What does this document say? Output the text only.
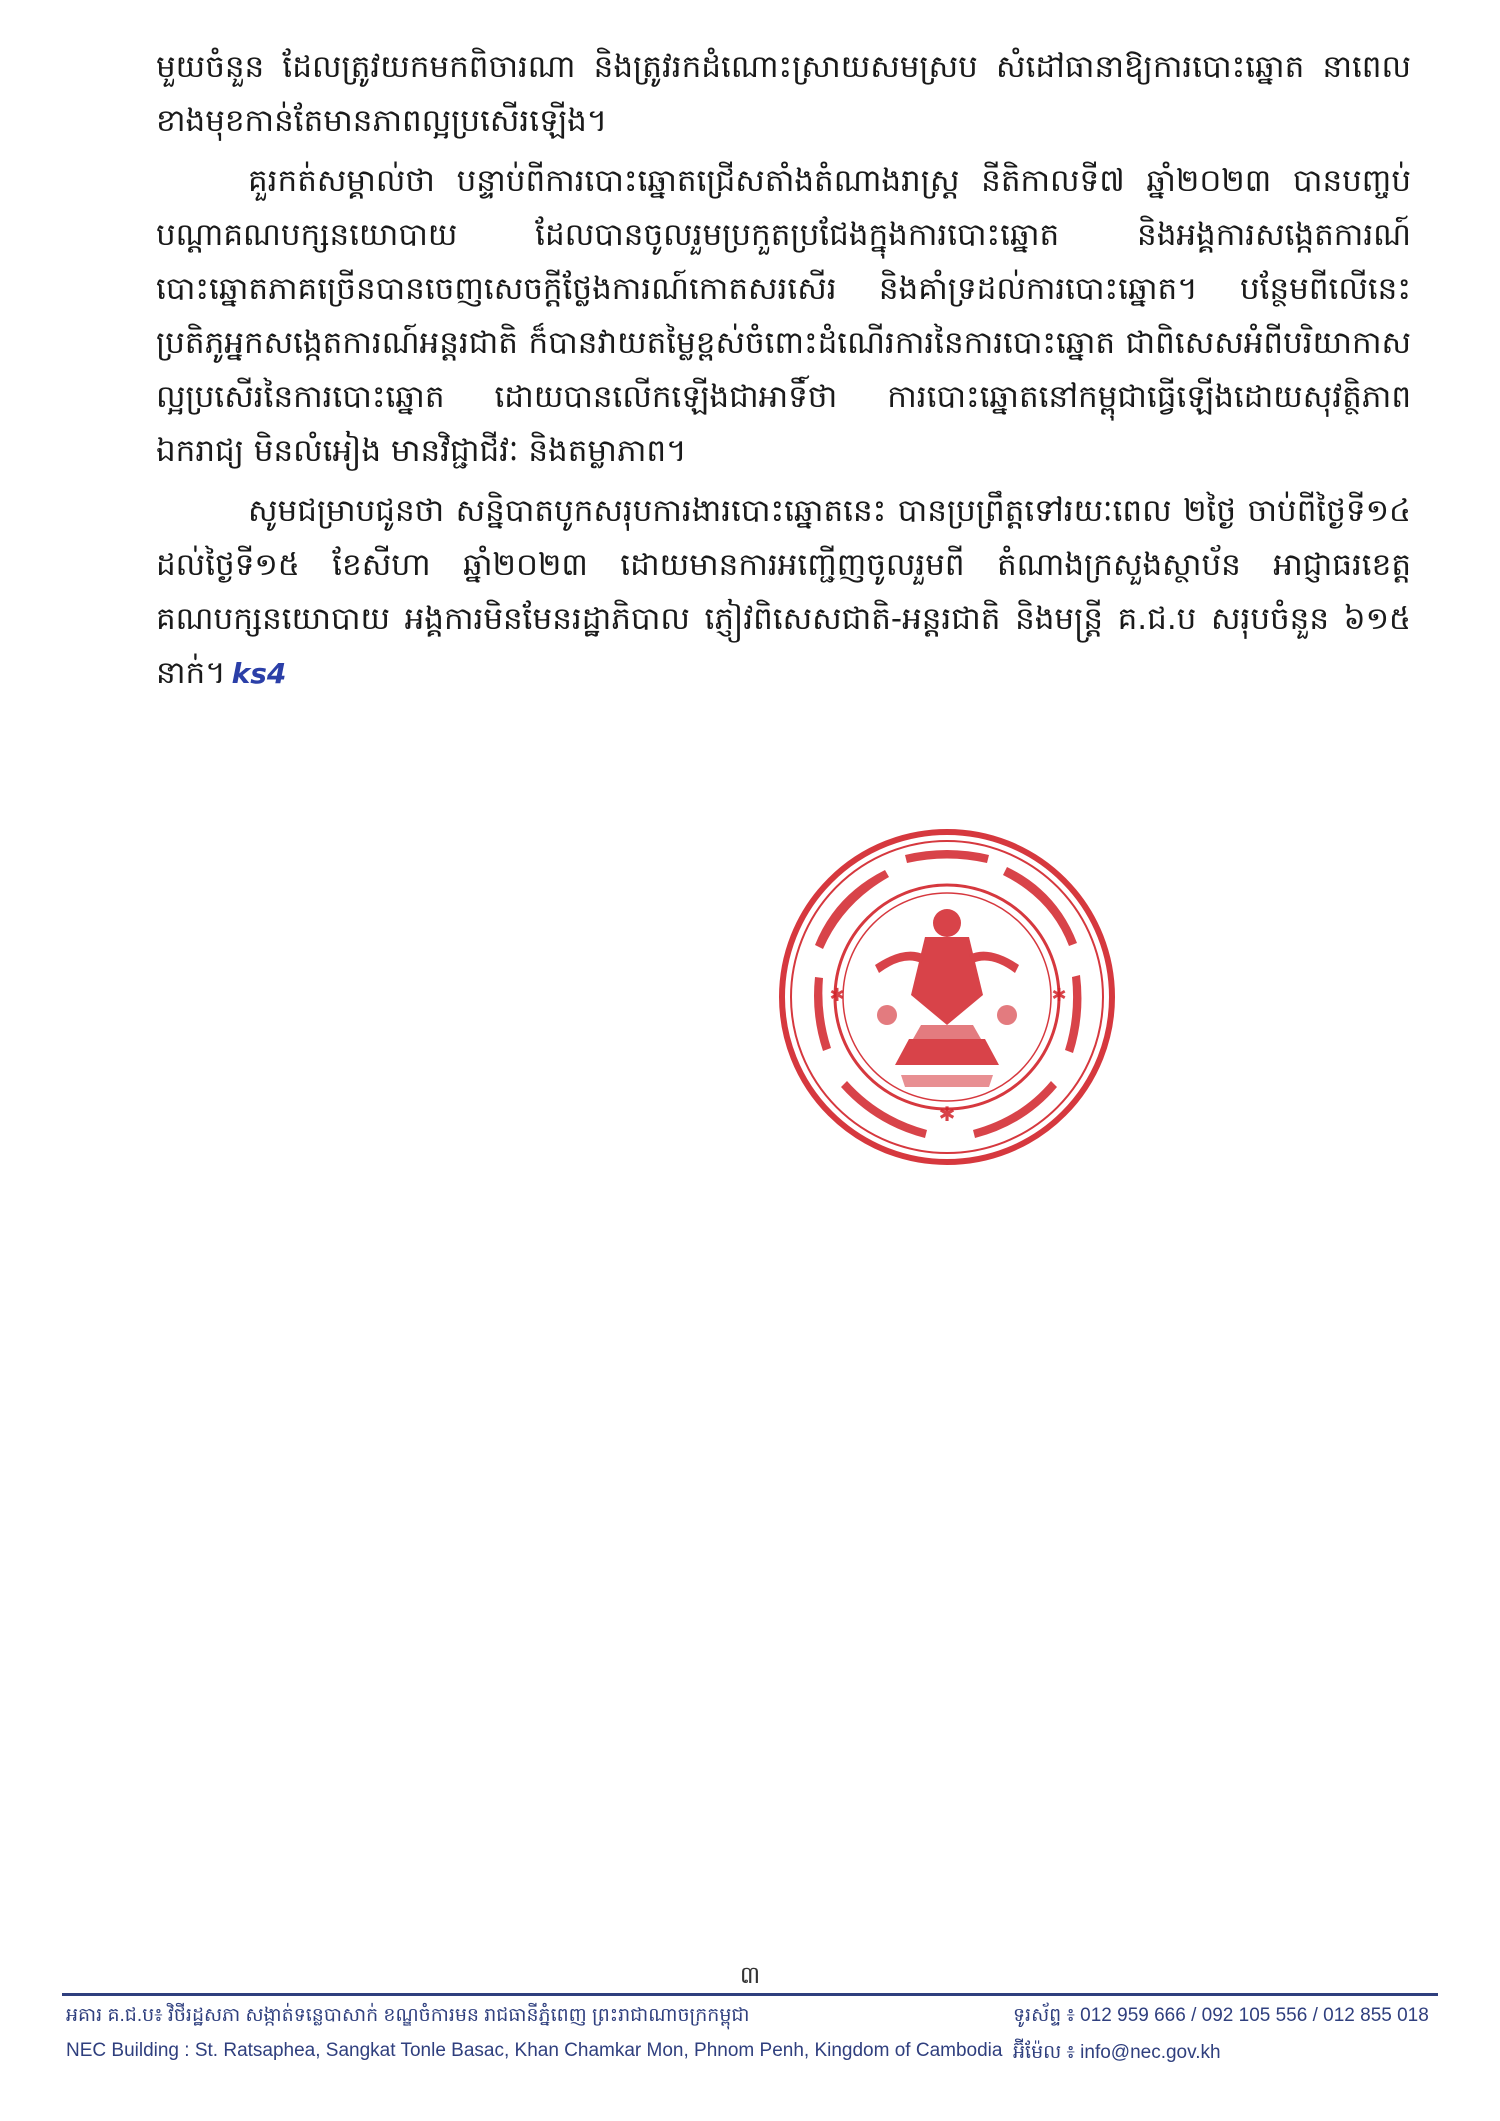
មួយចំនួន ដែលត្រូវយកមកពិចារណា និងត្រូវរកដំណោះស្រាយសមស្រប សំដៅធានាឱ្យការបោះឆ្នោត នាពេលខាងមុខកាន់តែមានភាពល្អប្រសើរឡើង។

គួរកត់សម្គាល់ថា បន្ទាប់ពីការបោះឆ្នោតជ្រើសតាំងតំណាងរាស្ត្រ នីតិកាលទី៧ ឆ្នាំ២០២៣ បានបញ្ចប់ បណ្ដាគណបក្សនយោបាយ ដែលបានចូលរួមប្រកួតប្រជែងក្នុងការបោះឆ្នោត និងអង្គការសង្កេតការណ៍បោះឆ្នោតភាគច្រើនបានចេញសេចក្ដីថ្លែងការណ៍កោតសរសើរ និងគាំទ្រដល់ការបោះឆ្នោត។ បន្ថែមពីលើនេះ ប្រតិភូអ្នកសង្កេតការណ៍អន្តរជាតិ ក៏បានវាយតម្លៃខ្ពស់ចំពោះដំណើរការនៃការបោះឆ្នោត ជាពិសេសអំពីបរិយាកាសល្អប្រសើរនៃការបោះឆ្នោត ដោយបានលើកឡើងជាអាទិ៍ថា ការបោះឆ្នោតនៅកម្ពុជាធ្វើឡើងដោយសុវត្ថិភាព ឯករាជ្យ មិនលំអៀង មានវិជ្ជាជីវៈ និងតម្លាភាព។

សូមជម្រាបជូនថា សន្និបាតបូកសរុបការងារបោះឆ្នោតនេះ បានប្រព្រឹត្តទៅរយៈពេល ២ថ្ងៃ ចាប់ពីថ្ងៃទី១៤ ដល់ថ្ងៃទី១៥ ខែសីហា ឆ្នាំ២០២៣ ដោយមានការអញ្ជើញចូលរួមពី តំណាងក្រសួងស្ថាប័ន អាជ្ញាធរខេត្ត គណបក្សនយោបាយ អង្គការមិនមែនរដ្ឋាភិបាល ភ្ញៀវពិសេសជាតិ-អន្តរជាតិ និងមន្ត្រី គ.ជ.ប សរុបចំនួន ៦១៥ នាក់។ ks4

✱
✱	✱
៣
អគារ គ.ជ.ប៖ វិថីរដ្ឋសភា សង្កាត់ទន្លេបាសាក់ ខណ្ឌចំការមន រាជធានីភ្នំពេញ ព្រះរាជាណាចក្រកម្ពុជា	ទូរស័ព្ទ ៖ 012 959 666 / 092 105 556 / 012 855 018
NEC Building : St. Ratsaphea, Sangkat Tonle Basac, Khan Chamkar Mon, Phnom Penh, Kingdom of Cambodia អ៊ីម៉ែល ៖ info@nec.gov.kh
